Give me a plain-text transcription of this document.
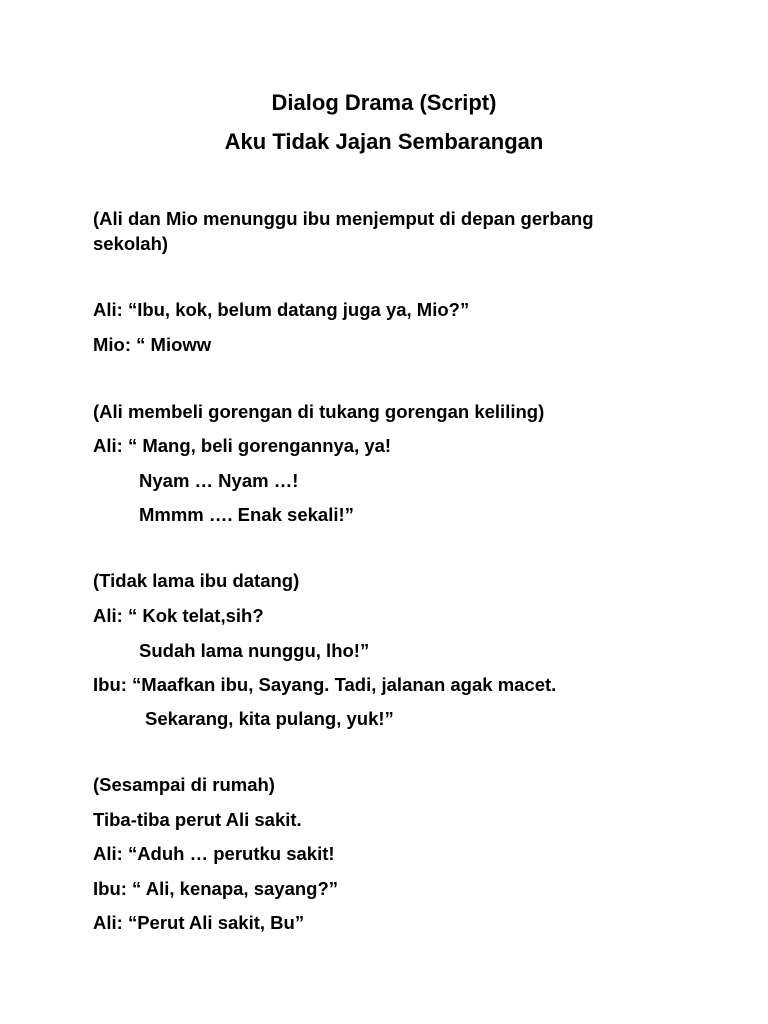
Dialog Drama (Script)
Aku Tidak Jajan Sembarangan
(Ali dan Mio menunggu ibu menjemput di depan gerbang
sekolah)
Ali: “Ibu, kok, belum datang juga ya, Mio?”
Mio: “ Mioww
(Ali membeli gorengan di tukang gorengan keliling)
Ali: “ Mang, beli gorengannya, ya!
Nyam … Nyam …!
Mmmm …. Enak sekali!”
(Tidak lama ibu datang)
Ali: “ Kok telat,sih?
Sudah lama nunggu, lho!”
Ibu: “Maafkan ibu, Sayang. Tadi, jalanan agak macet.
Sekarang, kita pulang, yuk!”
(Sesampai di rumah)
Tiba-tiba perut Ali sakit.
Ali: “Aduh … perutku sakit!
Ibu: “ Ali, kenapa, sayang?”
Ali: “Perut Ali sakit, Bu”
